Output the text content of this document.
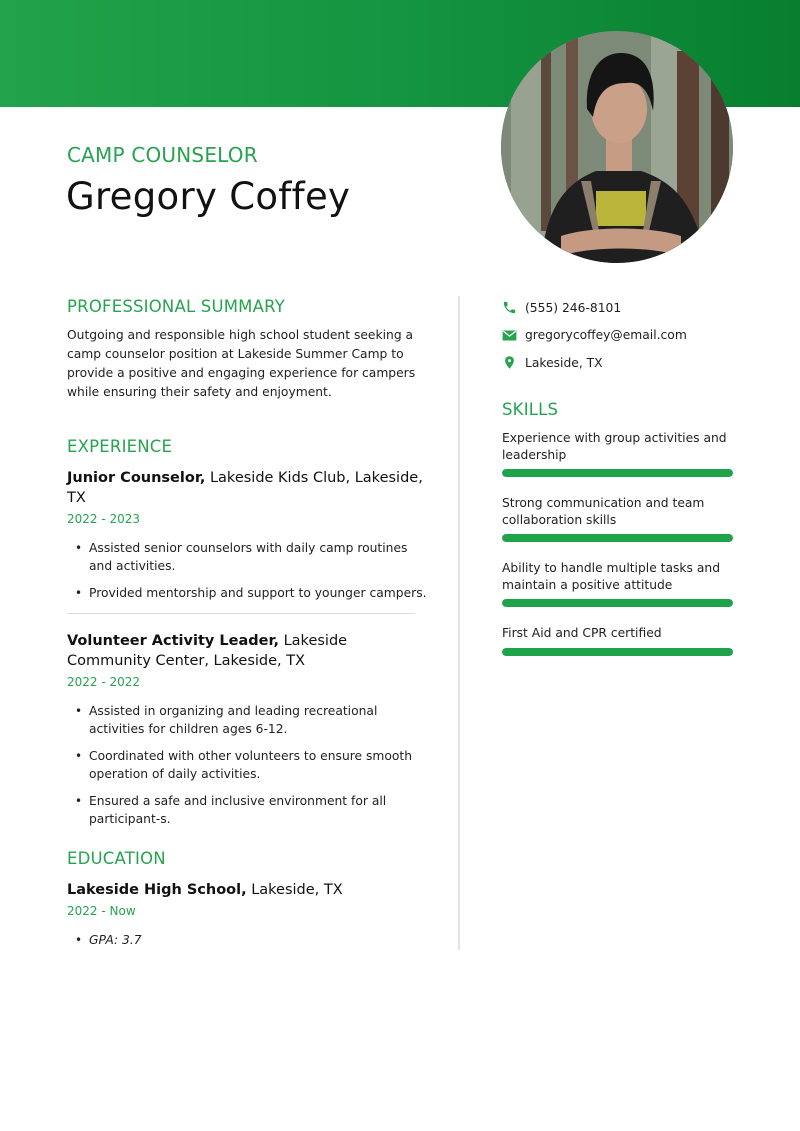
CAMP COUNSELOR
Gregory Coffey
PROFESSIONAL SUMMARY
Outgoing and responsible high school student seeking a camp counselor position at Lakeside Summer Camp to provide a positive and engaging experience for campers while ensuring their safety and enjoyment.
EXPERIENCE
Junior Counselor, Lakeside Kids Club, Lakeside, TX
2022 - 2023
• Assisted senior counselors with daily camp routines and activities.
• Provided mentorship and support to younger campers.
Volunteer Activity Leader, Lakeside Community Center, Lakeside, TX
2022 - 2022
• Assisted in organizing and leading recreational activities for children ages 6-12.
• Coordinated with other volunteers to ensure smooth operation of daily activities.
• Ensured a safe and inclusive environment for all participant-s.
EDUCATION
Lakeside High School, Lakeside, TX
2022 - Now
• GPA: 3.7
(555) 246-8101
gregorycoffey@email.com
Lakeside, TX
SKILLS
Experience with group activities and leadership
Strong communication and team collaboration skills
Ability to handle multiple tasks and maintain a positive attitude
First Aid and CPR certified
